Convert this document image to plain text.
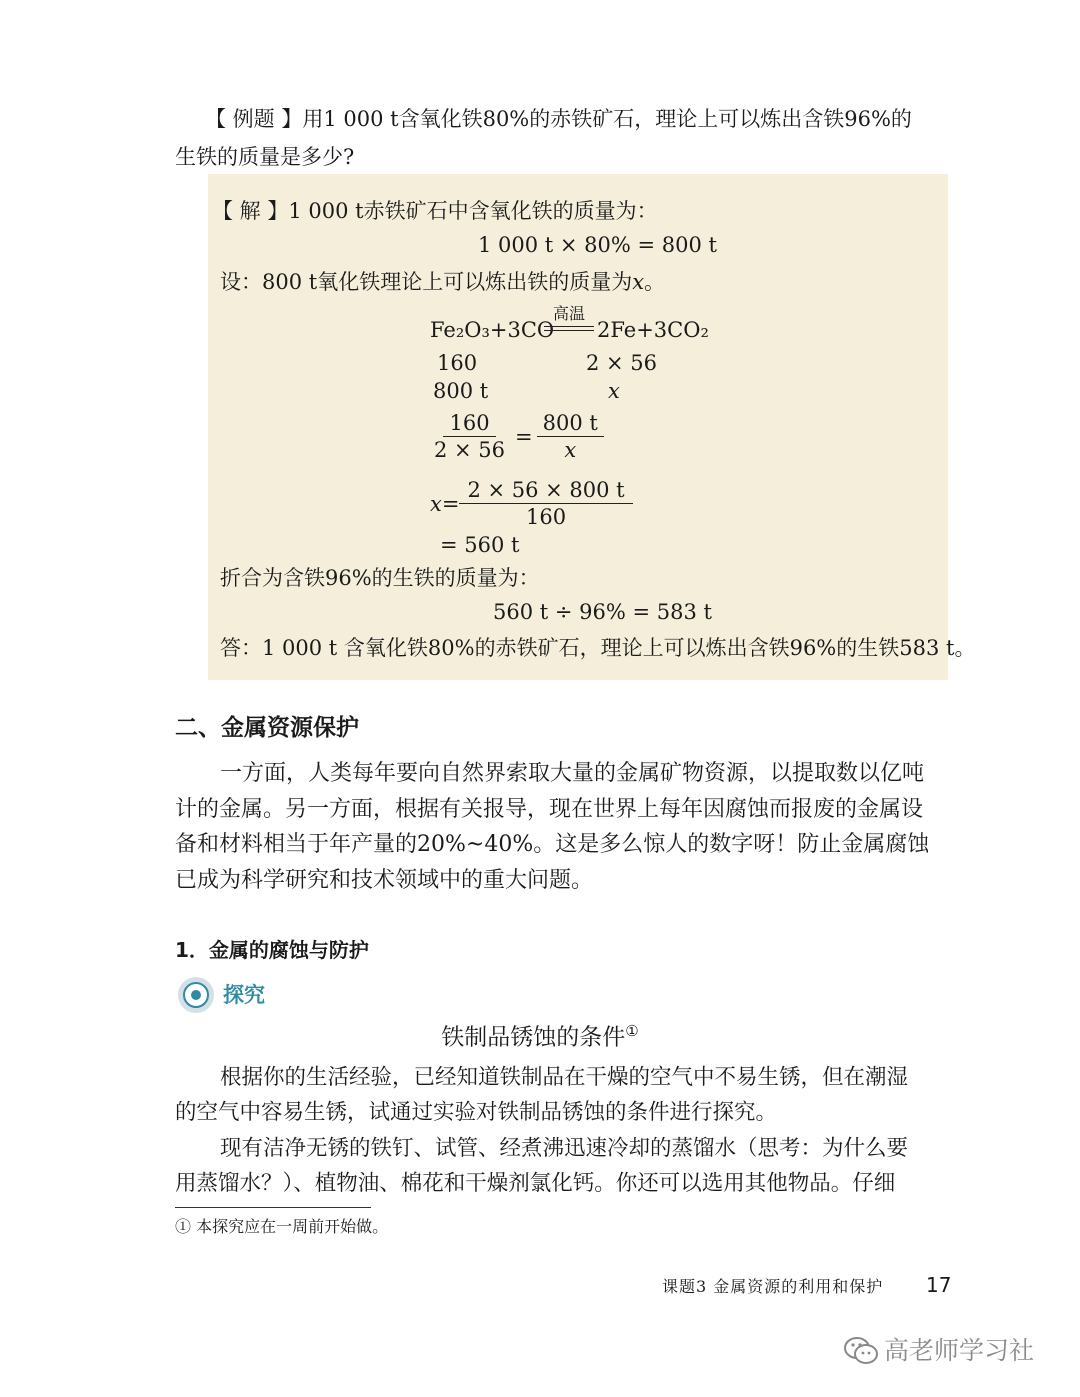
【 例题 】用1 000 t含氧化铁80%的赤铁矿石，理论上可以炼出含铁96%的
生铁的质量是多少?
【 解 】1 000 t赤铁矿石中含氧化铁的质量为：
1 000 t × 80% = 800 t
设：800 t氧化铁理论上可以炼出铁的质量为x。
Fe₂O₃+3CO
高温
2Fe+3CO₂
160	2 × 56
800 t	x
$\frac{160}{2 \times 56} = \frac{800 t}{x}$
$x= \frac{2 \times 56 \times 800 t}{160}$
= 560 t
折合为含铁96%的生铁的质量为：
560 t ÷ 96% = 583 t
答：1 000 t 含氧化铁80%的赤铁矿石，理论上可以炼出含铁96%的生铁583 t。
二、金属资源保护
一方面，人类每年要向自然界索取大量的金属矿物资源，以提取数以亿吨
计的金属。另一方面，根据有关报导，现在世界上每年因腐蚀而报废的金属设
备和材料相当于年产量的20%~40%。这是多么惊人的数字呀！防止金属腐蚀
已成为科学研究和技术领域中的重大问题。
1．金属的腐蚀与防护
探究
铁制品锈蚀的条件①
根据你的生活经验，已经知道铁制品在干燥的空气中不易生锈，但在潮湿
的空气中容易生锈，试通过实验对铁制品锈蚀的条件进行探究。
现有洁净无锈的铁钉、试管、经煮沸迅速冷却的蒸馏水（思考：为什么要
用蒸馏水？）、植物油、棉花和干燥剂氯化钙。你还可以选用其他物品。仔细
① 本探究应在一周前开始做。
课题3 金属资源的利用和保护 17
高老师学习社
